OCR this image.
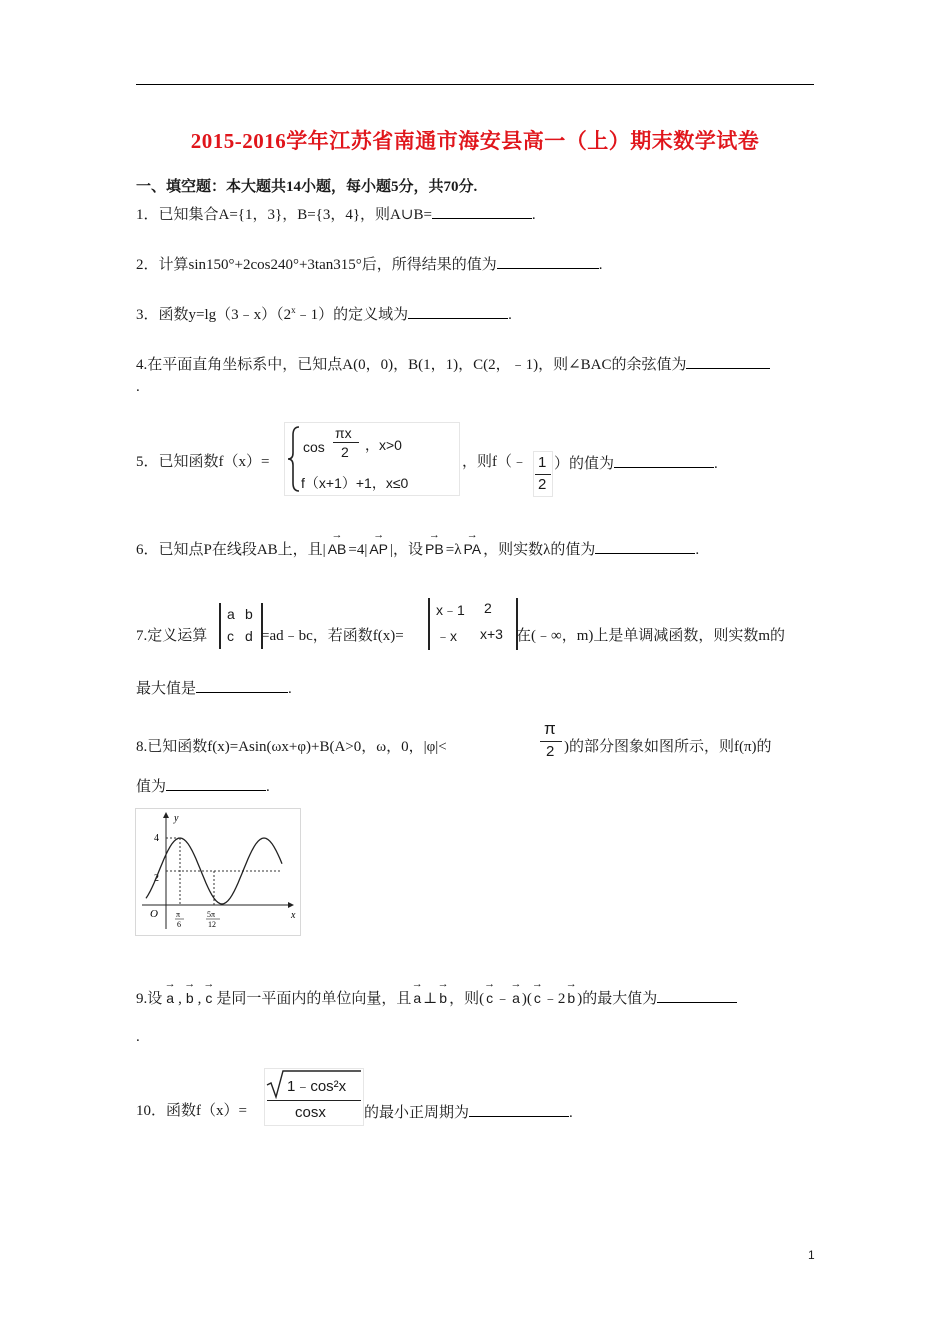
2015-2016学年江苏省南通市海安县高一（上）期末数学试卷
一、填空题：本大题共14小题，每小题5分，共70分.
1．已知集合A={1，3}，B={3，4}，则A∪B=	.
2．计算sin150°+2cos240°+3tan315°后，所得结果的值为	.
3．函数$y=\lg(3﹣x)(2^x﹣1)$的定义域为	.
4.在平面直角坐标系中，已知点A(0，0)，B(1，1)，C(2，﹣1)，则∠BAC的余弦值为
.
5．已知函数f（x）=
cos
πx
2 ，x>0
f（x+1）+1，x≤0
，则f（﹣ 1
2
）的值为	.
6．已知点P在线段AB上，且| → AB =4| → AP |，设 → PB =λ → PA ，则实数λ的值为	.
7.定义运算
a b
c d =ad﹣bc，若函数f(x)=
x﹣1 2
﹣x x+3 在(﹣∞，m)上是单调减函数，则实数m的
最大值是	.
8.已知函数f(x)=Asin(ωx+φ)+B(A>0，ω，0，|φ|<
π
2 )的部分图象如图所示，则f(π)的
值为	.
y
x
O
4
2
π
6
5π
12
9.设 → a , → b , → c 是同一平面内的单位向量，且 → a ⊥ → b ，则( → c ﹣ → a )( → c ﹣2 → b )的最大值为
.
10．函数f（x）=
1﹣cos²x
cosx	的最小正周期为	.
1
